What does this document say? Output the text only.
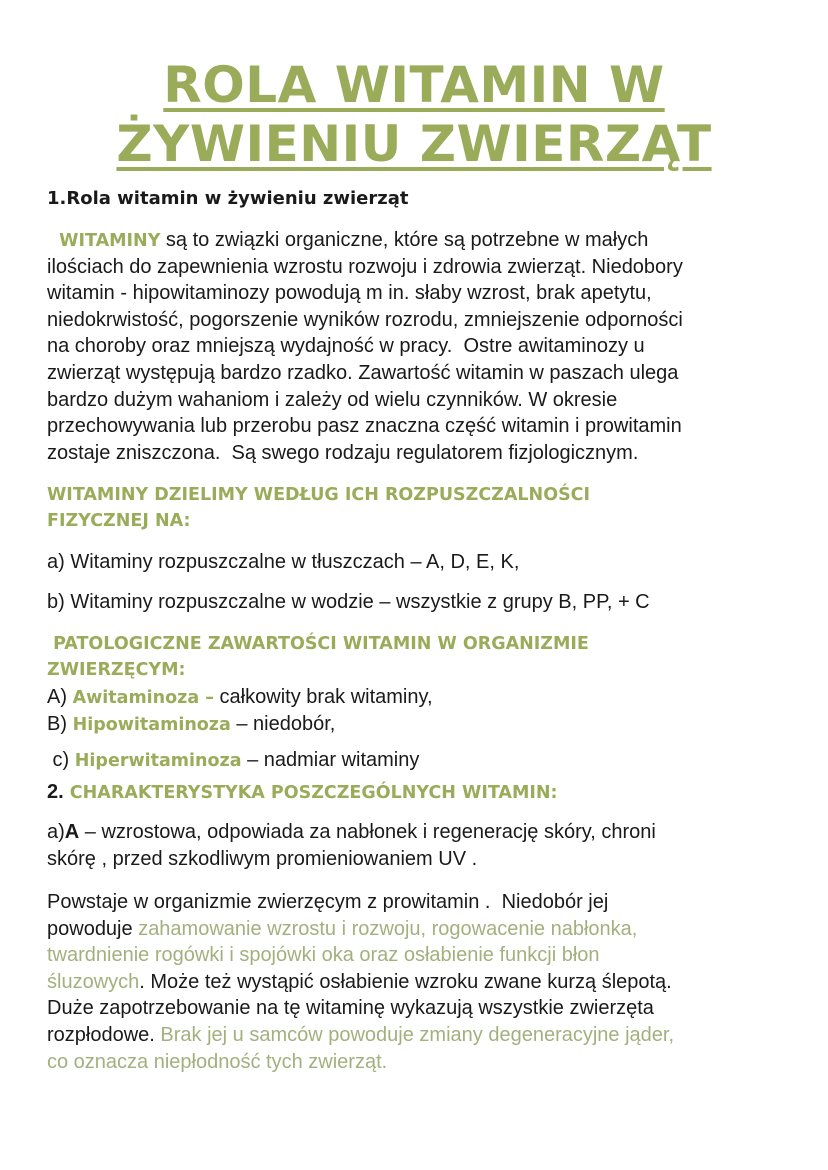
ROLA WITAMIN W
ŻYWIENIU ZWIERZĄT
1.Rola witamin w żywieniu zwierząt
WITAMINY są to związki organiczne, które są potrzebne w małych
ilościach do zapewnienia wzrostu rozwoju i zdrowia zwierząt. Niedobory
witamin - hipowitaminozy powodują m in. słaby wzrost, brak apetytu,
niedokrwistość, pogorszenie wyników rozrodu, zmniejszenie odporności
na choroby oraz mniejszą wydajność w pracy.  Ostre awitaminozy u
zwierząt występują bardzo rzadko. Zawartość witamin w paszach ulega
bardzo dużym wahaniom i zależy od wielu czynników. W okresie
przechowywania lub przerobu pasz znaczna część witamin i prowitamin
zostaje zniszczona.  Są swego rodzaju regulatorem fizjologicznym.
WITAMINY DZIELIMY WEDŁUG ICH ROZPUSZCZALNOŚCI
FIZYCZNEJ NA:
a) Witaminy rozpuszczalne w tłuszczach – A, D, E, K,
b) Witaminy rozpuszczalne w wodzie – wszystkie z grupy B, PP, + C
PATOLOGICZNE ZAWARTOŚCI WITAMIN W ORGANIZMIE
ZWIERZĘCYM:
A) Awitaminoza – całkowity brak witaminy,
B) Hipowitaminoza – niedobór,
c) Hiperwitaminoza – nadmiar witaminy
2. CHARAKTERYSTYKA POSZCZEGÓLNYCH WITAMIN:
a)A – wzrostowa, odpowiada za nabłonek i regenerację skóry, chroni
skórę , przed szkodliwym promieniowaniem UV .
Powstaje w organizmie zwierzęcym z prowitamin .  Niedobór jej
powoduje zahamowanie wzrostu i rozwoju, rogowacenie nabłonka,
twardnienie rogówki i spojówki oka oraz osłabienie funkcji błon
śluzowych. Może też wystąpić osłabienie wzroku zwane kurzą ślepotą.
Duże zapotrzebowanie na tę witaminę wykazują wszystkie zwierzęta
rozpłodowe. Brak jej u samców powoduje zmiany degeneracyjne jąder,
co oznacza niepłodność tych zwierząt.
